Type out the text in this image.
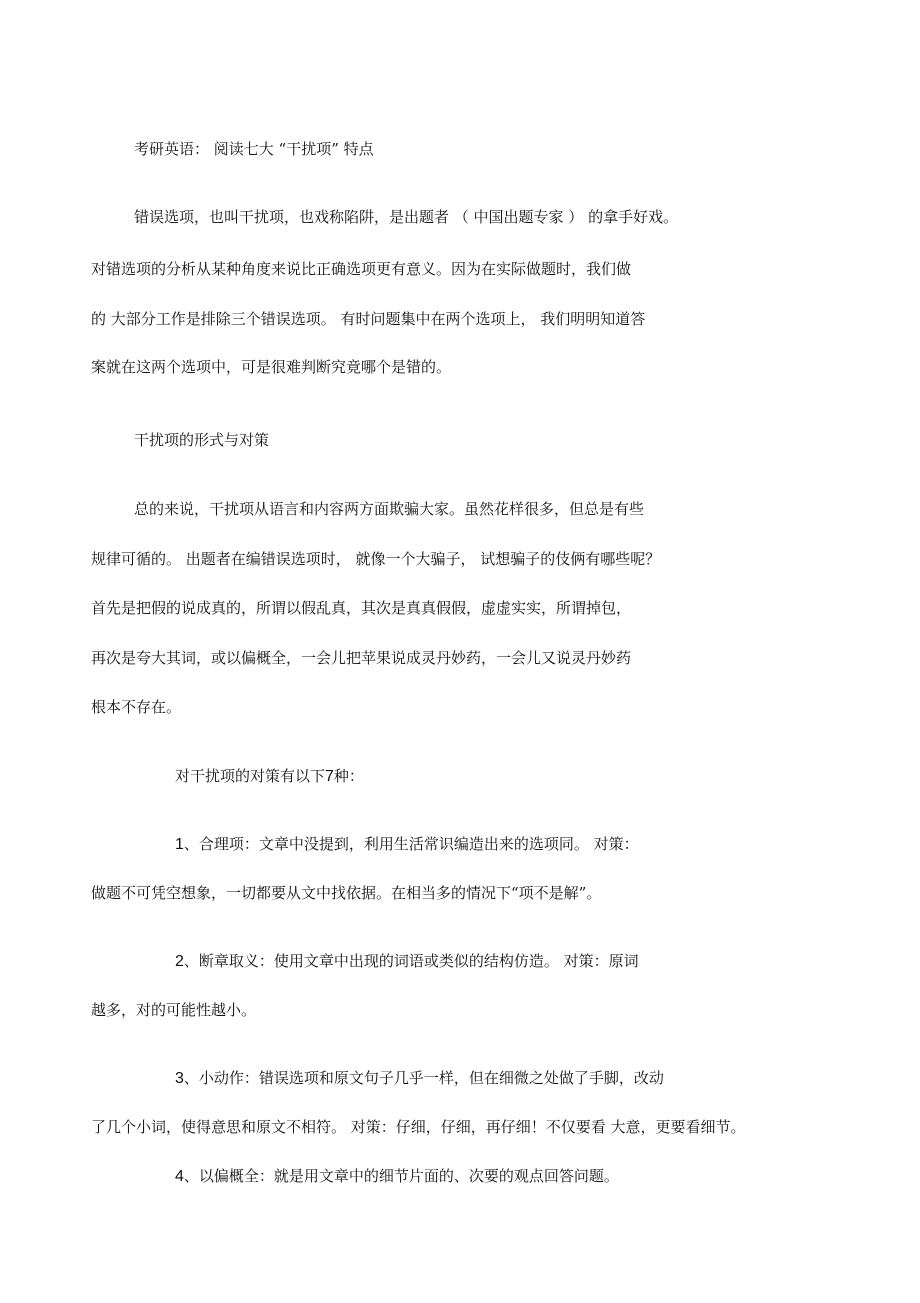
考研英语： 阅读七大 “干扰项” 特点
错误选项，也叫干扰项，也戏称陷阱，是出题者 （ 中国出题专家 ） 的拿手好戏。
对错选项的分析从某种角度来说比正确选项更有意义。因为在实际做题时，我们做
的 大部分工作是排除三个错误选项。 有时问题集中在两个选项上， 我们明明知道答
案就在这两个选项中，可是很难判断究竟哪个是错的。
干扰项的形式与对策
总的来说，干扰项从语言和内容两方面欺骗大家。虽然花样很多，但总是有些
规律可循的。 出题者在编错误选项时， 就像一个大骗子， 试想骗子的伎俩有哪些呢？
首先是把假的说成真的，所谓以假乱真，其次是真真假假，虚虚实实，所谓掉包，
再次是夸大其词，或以偏概全，一会儿把苹果说成灵丹妙药，一会儿又说灵丹妙药
根本不存在。
对干扰项的对策有以下7种：
1、合理项：文章中没提到，利用生活常识编造出来的选项同。 对策：
做题不可凭空想象，一切都要从文中找依据。在相当多的情况下“项不是解”。
2、断章取义：使用文章中出现的词语或类似的结构仿造。 对策：原词
越多，对的可能性越小。
3、小动作：错误选项和原文句子几乎一样，但在细微之处做了手脚，改动
了几个小词，使得意思和原文不相符。 对策：仔细，仔细，再仔细！不仅要看 大意，更要看细节。
4、以偏概全：就是用文章中的细节片面的、次要的观点回答问题。
